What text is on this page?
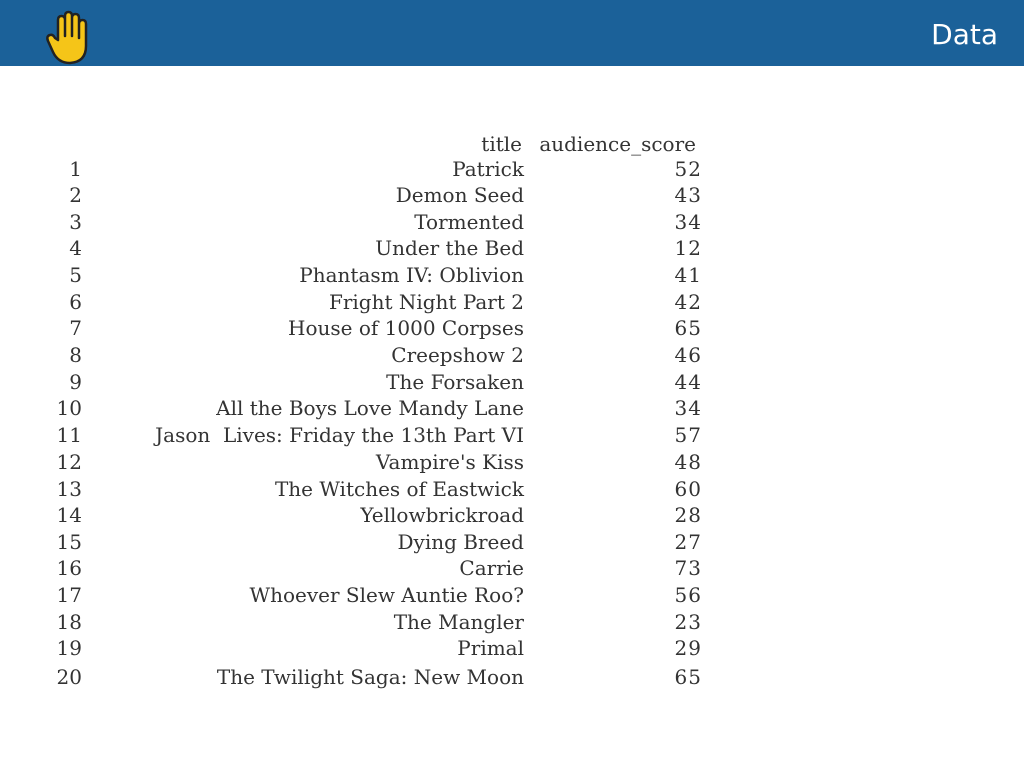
Data
title audience_score
1	Patrick	52
2	Demon Seed	43
3	Tormented	34
4	Under the Bed	12
5	Phantasm IV: Oblivion	41
6	Fright Night Part 2	42
7	House of 1000 Corpses	65
8	Creepshow 2	46
9	The Forsaken	44
10	All the Boys Love Mandy Lane	34
11	Jason  Lives: Friday the 13th Part VI	57
12	Vampire's Kiss	48
13	The Witches of Eastwick	60
14	Yellowbrickroad	28
15	Dying Breed	27
16	Carrie	73
17	Whoever Slew Auntie Roo?	56
18	The Mangler	23
19	Primal	29
20	The Twilight Saga: New Moon	65
